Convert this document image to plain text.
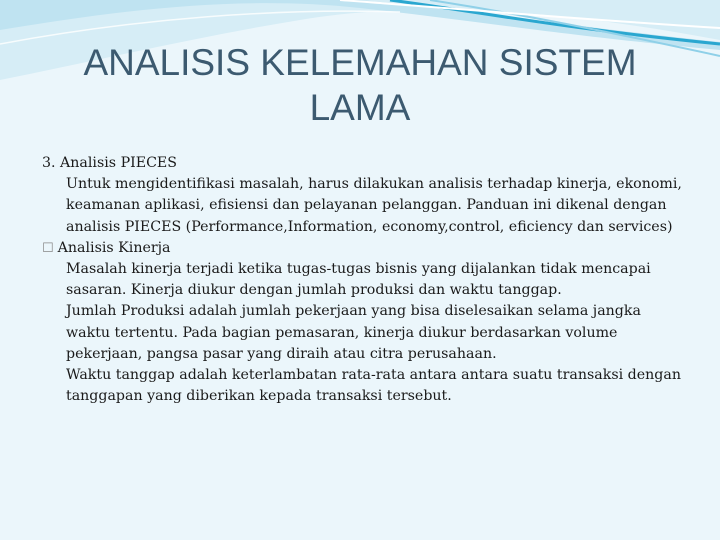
ANALISIS KELEMAHAN SISTEM
LAMA

3. Analisis PIECES

Untuk mengidentifikasi masalah, harus dilakukan analisis terhadap kinerja, ekonomi, keamanan aplikasi, efisiensi dan pelayanan pelanggan. Panduan ini dikenal dengan analisis PIECES (Performance,Information, economy,control, eficiency dan services)

☐ Analisis Kinerja

Masalah kinerja terjadi ketika tugas-tugas bisnis yang dijalankan tidak mencapai sasaran. Kinerja diukur dengan jumlah produksi dan waktu tanggap.

Jumlah Produksi adalah jumlah pekerjaan yang bisa diselesaikan selama jangka waktu tertentu. Pada bagian pemasaran, kinerja diukur berdasarkan volume pekerjaan, pangsa pasar yang diraih atau citra perusahaan.

Waktu tanggap adalah keterlambatan rata-rata antara antara suatu transaksi dengan tanggapan yang diberikan kepada transaksi tersebut.
